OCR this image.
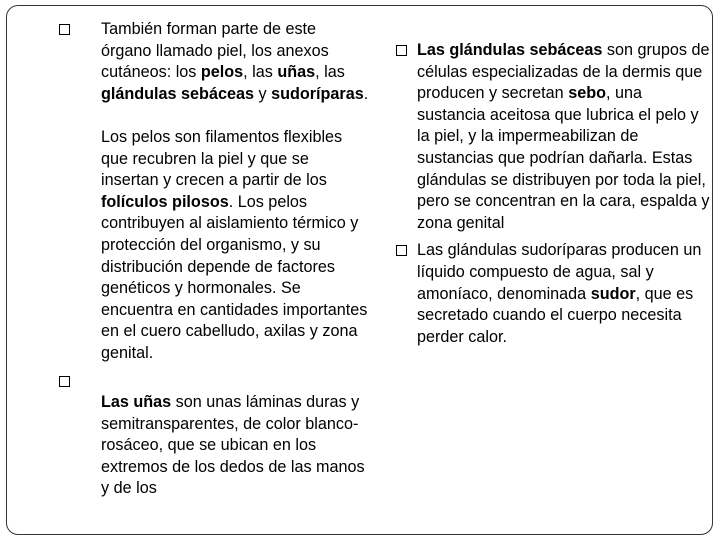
También forman parte de este órgano llamado piel, los anexos cutáneos: los pelos, las uñas, las glándulas sebáceas y sudoríparas.

Los pelos son filamentos flexibles que recubren la piel y que se insertan y crecen a partir de los folículos pilosos. Los pelos contribuyen al aislamiento térmico y protección del organismo, y su distribución depende de factores genéticos y hormonales. Se encuentra en cantidades importantes en el cuero cabelludo, axilas y zona genital.

Las uñas son unas láminas duras y semitransparentes, de color blanco-rosáceo, que se ubican en los extremos de los dedos de las manos y de los

Las glándulas sebáceas son grupos de células especializadas de la dermis que producen y secretan sebo, una sustancia aceitosa que lubrica el pelo y la piel, y la impermeabilizan de sustancias que podrían dañarla. Estas glándulas se distribuyen por toda la piel, pero se concentran en la cara, espalda y zona genital

Las glándulas sudoríparas producen un líquido compuesto de agua, sal y amoníaco, denominada sudor, que es secretado cuando el cuerpo necesita perder calor.
